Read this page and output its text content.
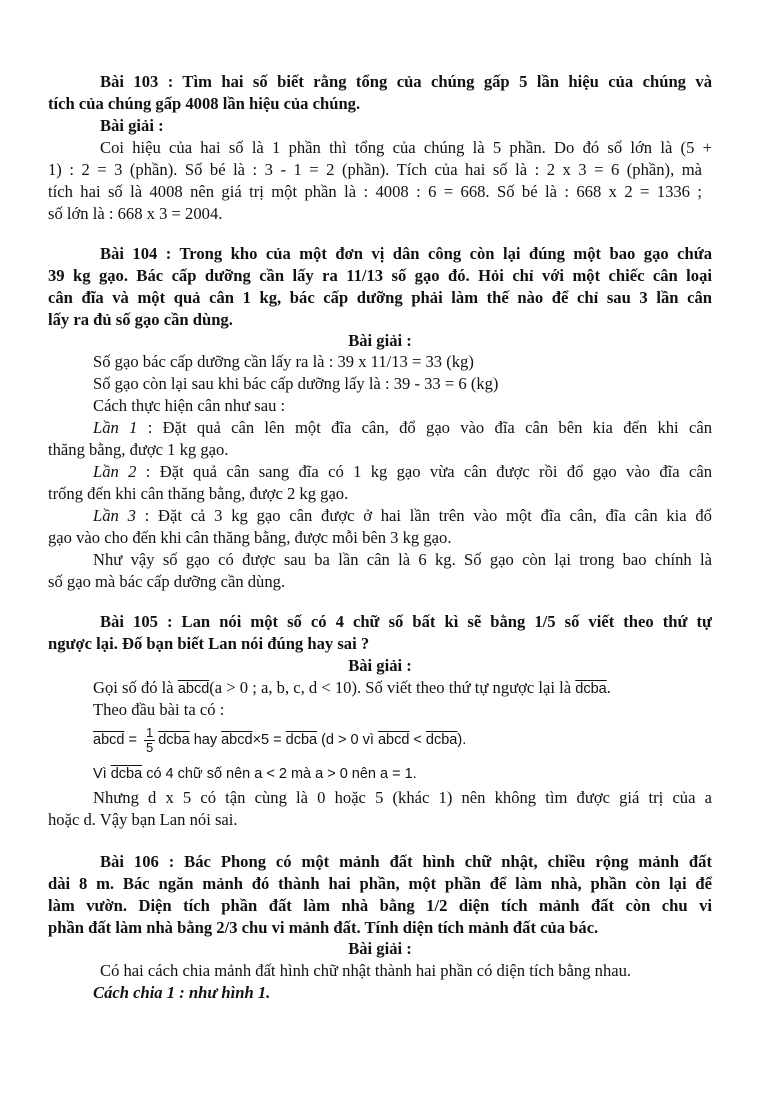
Bài 103 : Tìm hai số biết rằng tổng của chúng gấp 5 lần hiệu của chúng và

tích của chúng gấp 4008 lần hiệu của chúng.

Bài giải :

Coi hiệu của hai số là 1 phần thì tổng của chúng là 5 phần. Do đó số lớn là (5 +

1) : 2 = 3 (phần). Số bé là : 3 - 1 = 2 (phần). Tích của hai số là : 2 x 3 = 6 (phần), mà

tích hai số là 4008 nên giá trị một phần là : 4008 : 6 = 668. Số bé là : 668 x 2 = 1336 ;

số lớn là : 668 x 3 = 2004.

Bài 104 : Trong kho của một đơn vị dân công còn lại đúng một bao gạo chứa

39 kg gạo. Bác cấp dưỡng cần lấy ra 11/13 số gạo đó. Hỏi chỉ với một chiếc cân loại

cân đĩa và một quả cân 1 kg, bác cấp dưỡng phải làm thế nào để chỉ sau 3 lần cân

lấy ra đủ số gạo cần dùng.

Bài giải :

Số gạo bác cấp dưỡng cần lấy ra là : 39 x 11/13 = 33 (kg)

Số gạo còn lại sau khi bác cấp dưỡng lấy là : 39 - 33 = 6 (kg)

Cách thực hiện cân như sau :

Lần 1 : Đặt quả cân lên một đĩa cân, đổ gạo vào đĩa cân bên kia đến khi cân

thăng bằng, được 1 kg gạo.

Lần 2 : Đặt quả cân sang đĩa có 1 kg gạo vừa cân được rồi đổ gạo vào đĩa cân

trống đến khi cân thăng bằng, được 2 kg gạo.

Lần 3 : Đặt cả 3 kg gạo cân được ở hai lần trên vào một đĩa cân, đĩa cân kia đổ

gạo vào cho đến khi cân thăng bằng, được mỗi bên 3 kg gạo.

Như vậy số gạo có được sau ba lần cân là 6 kg. Số gạo còn lại trong bao chính là

số gạo mà bác cấp dưỡng cần dùng.

Bài 105 : Lan nói một số có 4 chữ số bất kì sẽ bằng 1/5 số viết theo thứ tự

ngược lại. Đố bạn biết Lan nói đúng hay sai ?

Bài giải :

Gọi số đó là abcd(a > 0 ; a, b, c, d < 10). Số viết theo thứ tự ngược lại là dcba.

Theo đầu bài ta có :

abcd = $\frac{1}{5}$ dcba hay abcd×5 = dcba (d > 0 vì abcd < dcba).

Vì dcba có 4 chữ số nên a < 2 mà a > 0 nên a = 1.

Nhưng d x 5 có tận cùng là 0 hoặc 5 (khác 1) nên không tìm được giá trị của a

hoặc d. Vậy bạn Lan nói sai.

Bài 106 : Bác Phong có một mảnh đất hình chữ nhật, chiều rộng mảnh đất

dài 8 m. Bác ngăn mảnh đó thành hai phần, một phần để làm nhà, phần còn lại để

làm vườn. Diện tích phần đất làm nhà bằng 1/2 diện tích mảnh đất còn chu vi

phần đất làm nhà bằng 2/3 chu vi mảnh đất. Tính diện tích mảnh đất của bác.

Bài giải :

Có hai cách chia mảnh đất hình chữ nhật thành hai phần có diện tích bằng nhau.

Cách chia 1 : như hình 1.
